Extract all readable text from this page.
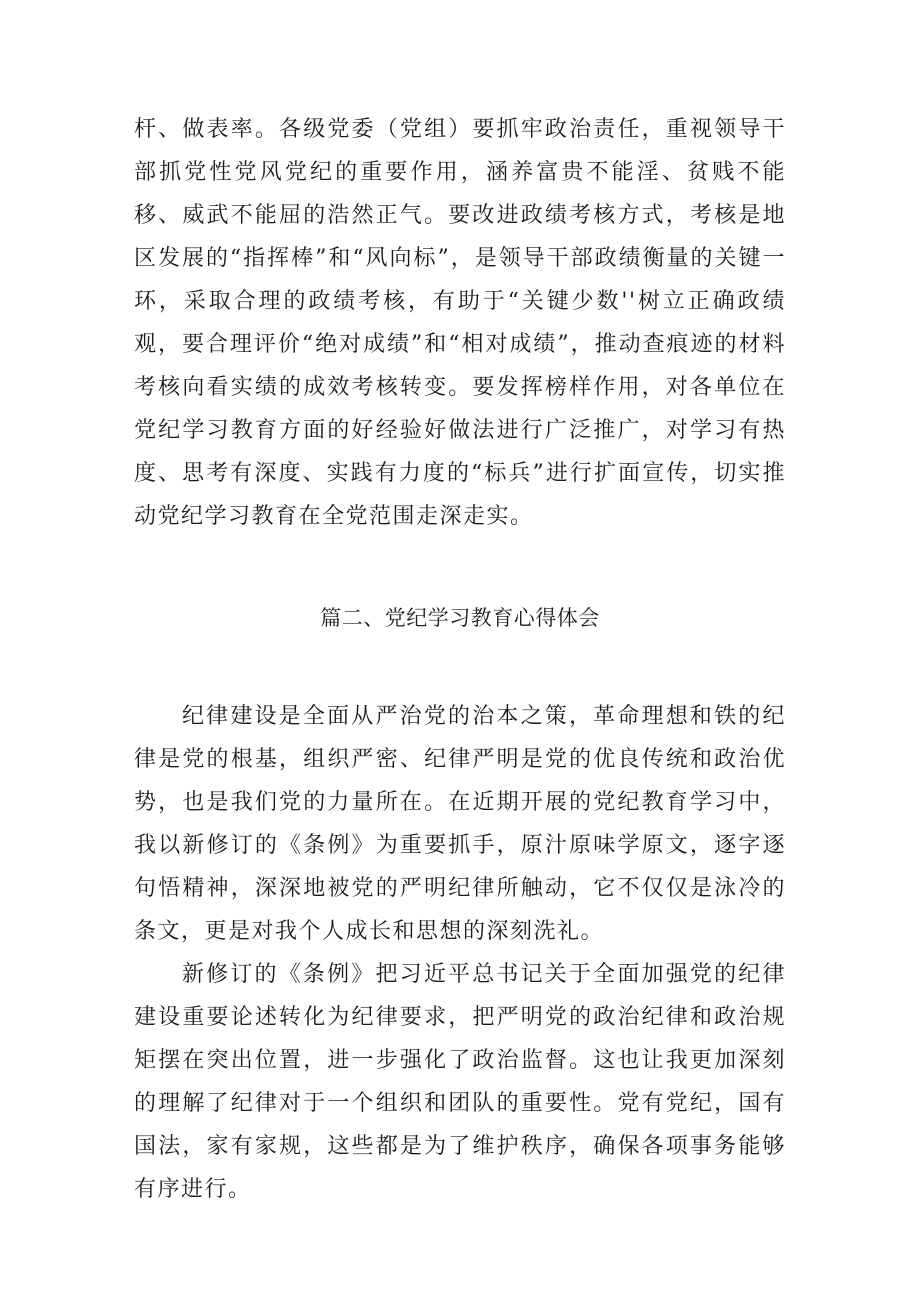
杆、做表率。各级党委（党组）要抓牢政治责任，重视领导干部抓党性党风党纪的重要作用，涵养富贵不能淫、贫贱不能移、威武不能屈的浩然正气。要改进政绩考核方式，考核是地区发展的“指挥棒”和“风向标”，是领导干部政绩衡量的关键一环，采取合理的政绩考核，有助于“关键少数''树立正确政绩观，要合理评价“绝对成绩”和“相对成绩”，推动查痕迹的材料考核向看实绩的成效考核转变。要发挥榜样作用，对各单位在党纪学习教育方面的好经验好做法进行广泛推广，对学习有热度、思考有深度、实践有力度的“标兵”进行扩面宣传，切实推动党纪学习教育在全党范围走深走实。

篇二、党纪学习教育心得体会

纪律建设是全面从严治党的治本之策，革命理想和铁的纪律是党的根基，组织严密、纪律严明是党的优良传统和政治优势，也是我们党的力量所在。在近期开展的党纪教育学习中，我以新修订的《条例》为重要抓手，原汁原味学原文，逐字逐句悟精神，深深地被党的严明纪律所触动，它不仅仅是泳冷的条文，更是对我个人成长和思想的深刻洗礼。

新修订的《条例》把习近平总书记关于全面加强党的纪律建设重要论述转化为纪律要求，把严明党的政治纪律和政治规矩摆在突出位置，进一步强化了政治监督。这也让我更加深刻的理解了纪律对于一个组织和团队的重要性。党有党纪，国有国法，家有家规，这些都是为了维护秩序，确保各项事务能够有序进行。
